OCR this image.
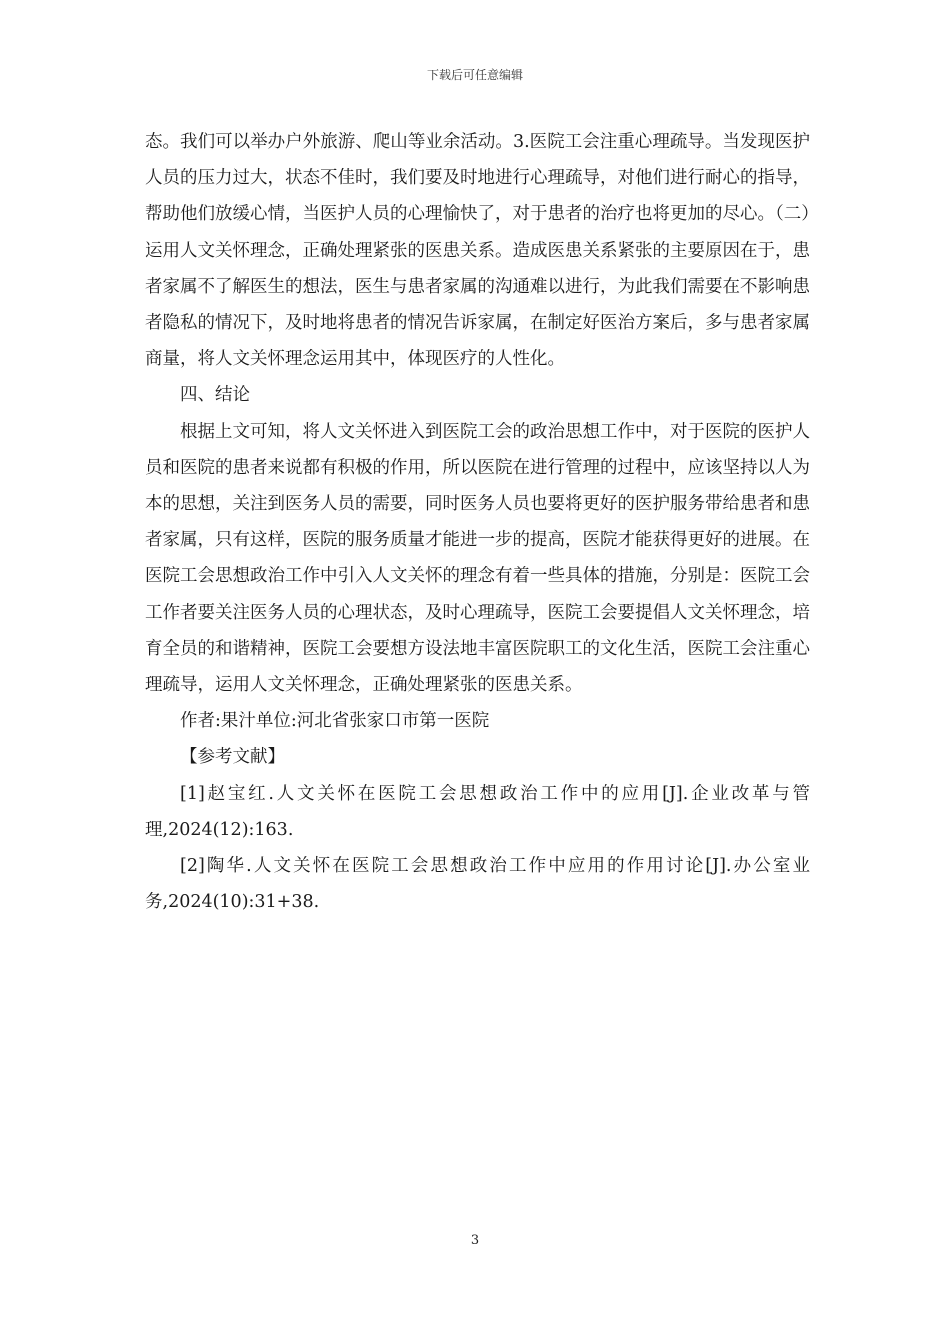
下载后可任意编辑

态。我们可以举办户外旅游、爬山等业余活动。3.医院工会注重心理疏导。当发现医护人员的压力过大，状态不佳时，我们要及时地进行心理疏导，对他们进行耐心的指导，帮助他们放缓心情，当医护人员的心理愉快了，对于患者的治疗也将更加的尽心。（二）运用人文关怀理念，正确处理紧张的医患关系。造成医患关系紧张的主要原因在于，患者家属不了解医生的想法，医生与患者家属的沟通难以进行，为此我们需要在不影响患者隐私的情况下，及时地将患者的情况告诉家属，在制定好医治方案后，多与患者家属商量，将人文关怀理念运用其中，体现医疗的人性化。

四、结论

根据上文可知，将人文关怀进入到医院工会的政治思想工作中，对于医院的医护人员和医院的患者来说都有积极的作用，所以医院在进行管理的过程中，应该坚持以人为本的思想，关注到医务人员的需要，同时医务人员也要将更好的医护服务带给患者和患者家属，只有这样，医院的服务质量才能进一步的提高，医院才能获得更好的进展。在医院工会思想政治工作中引入人文关怀的理念有着一些具体的措施，分别是：医院工会工作者要关注医务人员的心理状态，及时心理疏导，医院工会要提倡人文关怀理念，培育全员的和谐精神，医院工会要想方设法地丰富医院职工的文化生活，医院工会注重心理疏导，运用人文关怀理念，正确处理紧张的医患关系。

作者:果汁单位:河北省张家口市第一医院

【参考文献】

[1]赵宝红.人文关怀在医院工会思想政治工作中的应用[J].企业改革与管理,2024(12):163.

[2]陶华.人文关怀在医院工会思想政治工作中应用的作用讨论[J].办公室业务,2024(10):31+38.

3
